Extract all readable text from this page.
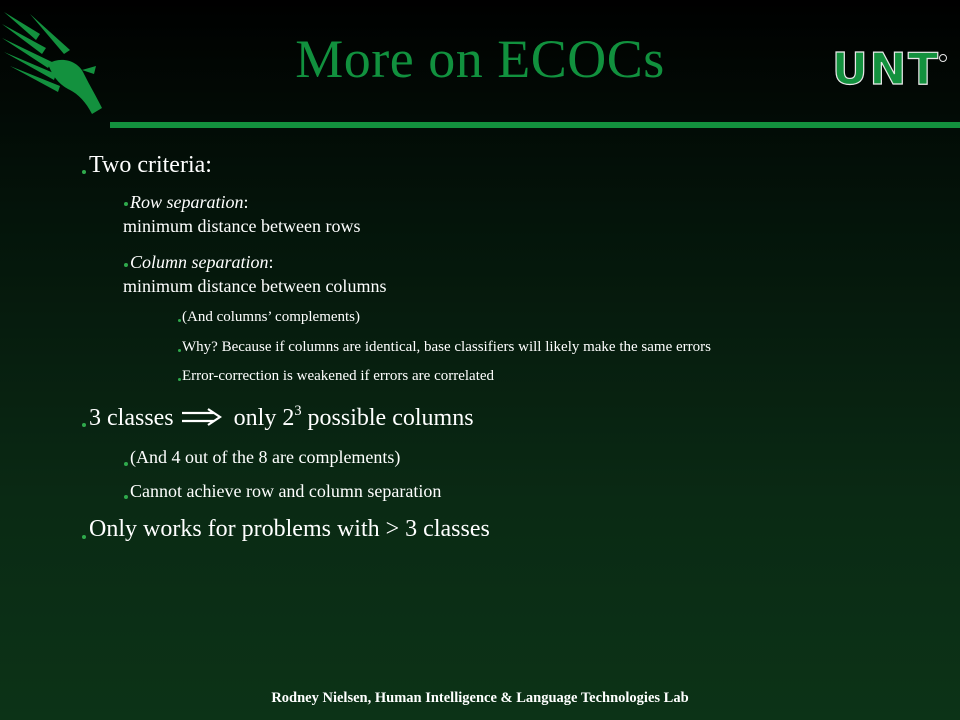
More on ECOCs	UNT
Two criteria:
Row separation:
minimum distance between rows
Column separation:
minimum distance between columns
(And columns’ complements)
Why? Because if columns are identical, base classifiers will likely make the same errors
Error-correction is weakened if errors are correlated
3 classes	only $2^3$ possible columns
(And 4 out of the 8 are complements)
Cannot achieve row and column separation
Only works for problems with > 3 classes
Rodney Nielsen, Human Intelligence & Language Technologies Lab
